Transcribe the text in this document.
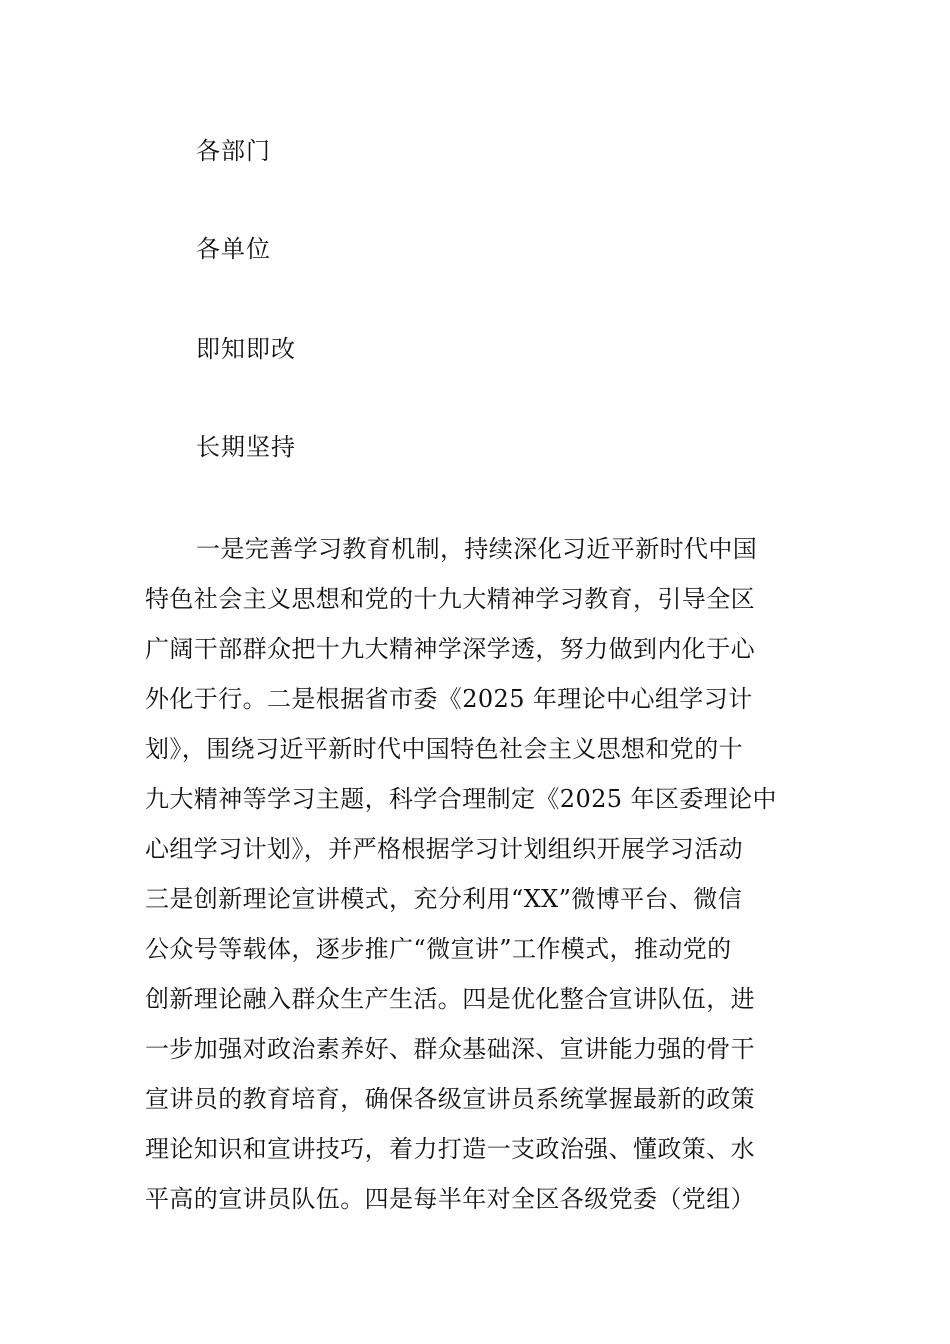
各部门
各单位
即知即改
长期坚持
一是完善学习教育机制，持续深化习近平新时代中国
特色社会主义思想和党的十九大精神学习教育，引导全区
广阔干部群众把十九大精神学深学透，努力做到内化于心
外化于行。二是根据省市委《2025 年理论中心组学习计
划》，围绕习近平新时代中国特色社会主义思想和党的十
九大精神等学习主题，科学合理制定《2025 年区委理论中
心组学习计划》，并严格根据学习计划组织开展学习活动
三是创新理论宣讲模式，充分利用“XX”微博平台、微信
公众号等载体，逐步推广“微宣讲”工作模式，推动党的
创新理论融入群众生产生活。四是优化整合宣讲队伍，进
一步加强对政治素养好、群众基础深、宣讲能力强的骨干
宣讲员的教育培育，确保各级宣讲员系统掌握最新的政策
理论知识和宣讲技巧，着力打造一支政治强、懂政策、水
平高的宣讲员队伍。四是每半年对全区各级党委（党组）
